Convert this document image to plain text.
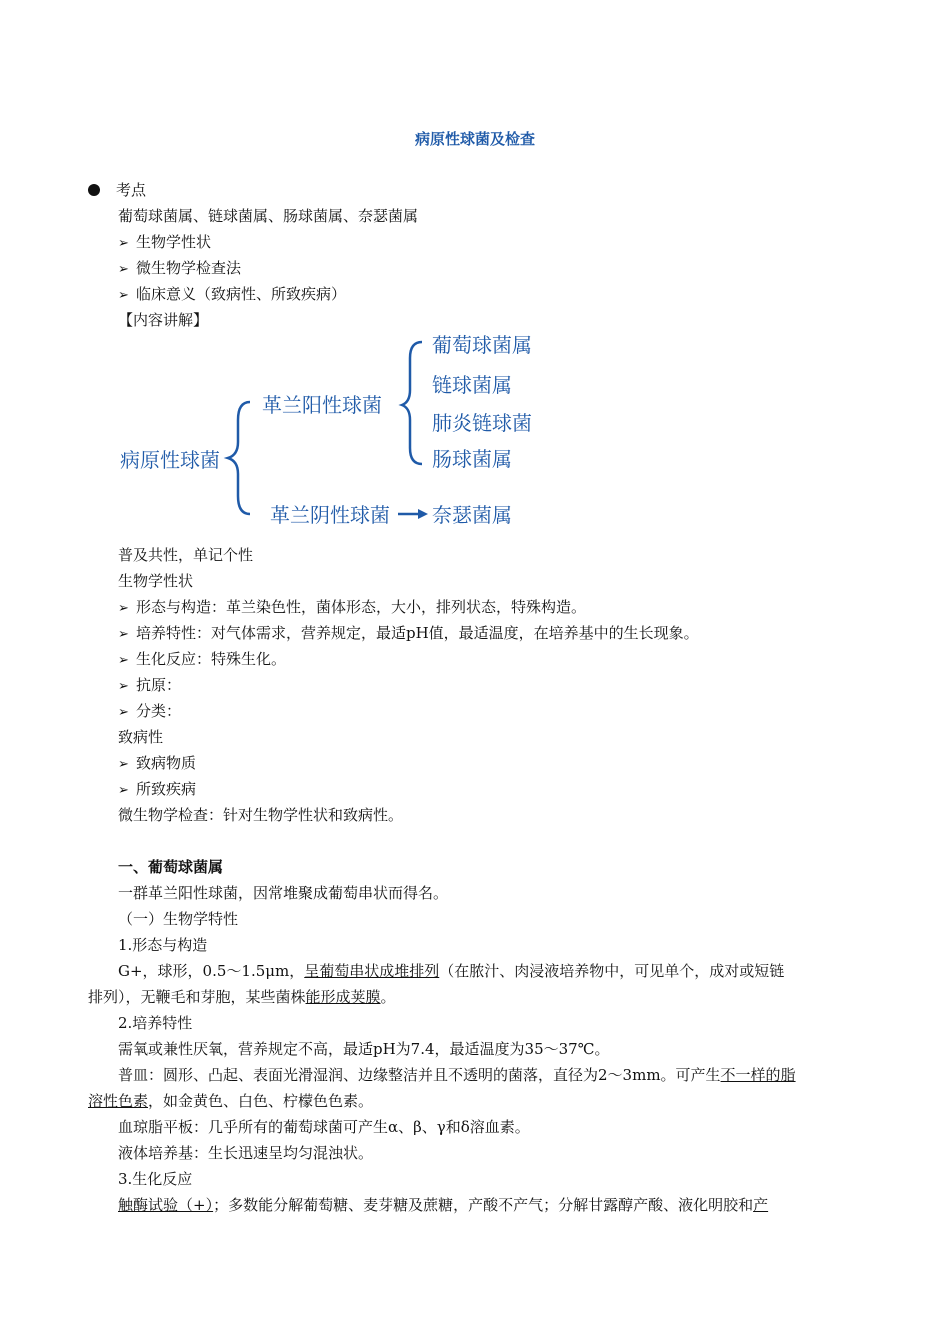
病原性球菌及检查
考点
葡萄球菌属、链球菌属、肠球菌属、奈瑟菌属
➢ 生物学性状
➢ 微生物学检查法
➢ 临床意义（致病性、所致疾病）
【内容讲解】
病原性球菌
革兰阳性球菌
革兰阴性球菌
葡萄球菌属
链球菌属
肺炎链球菌
肠球菌属
奈瑟菌属
普及共性，单记个性
生物学性状
➢ 形态与构造：革兰染色性，菌体形态，大小，排列状态，特殊构造。
➢ 培养特性：对气体需求，营养规定，最适pH值，最适温度，在培养基中的生长现象。
➢ 生化反应：特殊生化。
➢ 抗原：
➢ 分类：
致病性
➢ 致病物质
➢ 所致疾病
微生物学检查：针对生物学性状和致病性。
一、葡萄球菌属
一群革兰阳性球菌，因常堆聚成葡萄串状而得名。
（一）生物学特性
1.形态与构造
G+，球形，0.5～1.5μm，呈葡萄串状成堆排列（在脓汁、肉浸液培养物中，可见单个，成对或短链
排列），无鞭毛和芽胞，某些菌株能形成荚膜。
2.培养特性
需氧或兼性厌氧，营养规定不高，最适pH为7.4，最适温度为35～37℃。
普皿：圆形、凸起、表面光滑湿润、边缘整洁并且不透明的菌落，直径为2～3mm。可产生不一样的脂
溶性色素，如金黄色、白色、柠檬色色素。
血琼脂平板：几乎所有的葡萄球菌可产生α、β、γ和δ溶血素。
液体培养基：生长迅速呈均匀混浊状。
3.生化反应
触酶试验（+）；多数能分解葡萄糖、麦芽糖及蔗糖，产酸不产气；分解甘露醇产酸、液化明胶和产
